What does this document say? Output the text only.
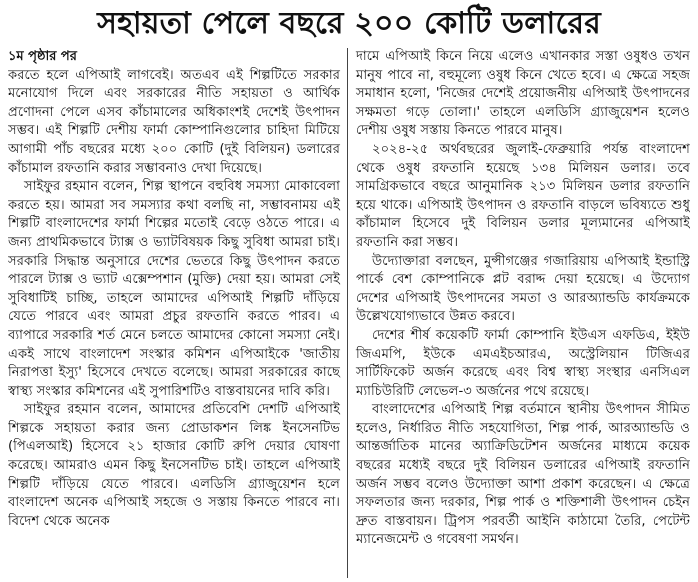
সহায়তা পেলে বছরে ২০০ কোটি ডলারের

১ম পৃষ্ঠার পর

করতে হলে এপিআই লাগবেই। অতএব এই শিল্পটিতে সরকার মনোযোগ দিলে এবং সরকারের নীতি সহায়তা ও আর্থিক প্রণোদনা পেলে এসব কাঁচামালের অধিকাংশই দেশেই উৎপাদন সম্ভব। এই শিল্পটি দেশীয় ফার্মা কোম্পানিগুলোর চাহিদা মিটিয়ে আগামী পাঁচ বছরের মধ্যে ২০০ কোটি (দুই বিলিয়ন) ডলারের কাঁচামাল রফতানি করার সম্ভাবনাও দেখা দিয়েছে।

সাইফুর রহমান বলেন, শিল্প স্থাপনে বহুবিধ সমস্যা মোকাবেলা করতে হয়। আমরা সব সমস্যার কথা বলছি না, সম্ভাবনাময় এই শিল্পটি বাংলাদেশের ফার্মা শিল্পের মতোই বেড়ে ওঠতে পারে। এ জন্য প্রাথমিকভাবে ট্যাক্স ও ভ্যাটবিষয়ক কিছু সুবিধা আমরা চাই। সরকারি সিদ্ধান্ত অনুসারে দেশের ভেতরে কিছু উৎপাদন করতে পারলে ট্যাক্স ও ভ্যাট এক্সেম্পশান (মুক্তি) দেয়া হয়। আমরা সেই সুবিধাটিই চাচ্ছি, তাহলে আমাদের এপিআই শিল্পটি দাঁড়িয়ে যেতে পারবে এবং আমরা প্রচুর রফতানি করতে পারব। এ ব্যাপারে সরকারি শর্ত মেনে চলতে আমাদের কোনো সমস্যা নেই। একই সাথে বাংলাদেশ সংস্কার কমিশন এপিআইকে 'জাতীয় নিরাপত্তা ইস্যু' হিসেবে দেখতে বলেছে। আমরা সরকারের কাছে স্বাস্থ্য সংস্কার কমিশনের এই সুপারিশটিও বাস্তবায়নের দাবি করি।

সাইফুর রহমান বলেন, আমাদের প্রতিবেশি দেশটি এপিআই শিল্পকে সহায়তা করার জন্য প্রোডাকশন লিঙ্ক ইনসেনটিভ (পিএলআই) হিসেবে ২১ হাজার কোটি রুপি দেয়ার ঘোষণা করেছে। আমরাও এমন কিছু ইনসেনটিভ চাই। তাহলে এপিআই শিল্পটি দাঁড়িয়ে যেতে পারবে। এলডিসি গ্র্যাজুয়েশন হলে বাংলাদেশ অনেক এপিআই সহজে ও সস্তায় কিনতে পারবে না। বিদেশ থেকে অনেক

দামে এপিআই কিনে নিয়ে এলেও এখানকার সস্তা ওষুধও তখন মানুষ পাবে না, বহুমূল্যে ওষুধ কিনে খেতে হবে। এ ক্ষেত্রে সহজ সমাধান হলো, 'নিজের দেশেই প্রয়োজনীয় এপিআই উৎপাদনের সক্ষমতা গড়ে তোলা।' তাহলে এলডিসি গ্র্যাজুয়েশন হলেও দেশীয় ওষুধ সস্তায় কিনতে পারবে মানুষ।

২০২৪-২৫ অর্থবছরের জুলাই-ফেব্রুয়ারি পর্যন্ত বাংলাদেশ থেকে ওষুধ রফতানি হয়েছে ১৩৪ মিলিয়ন ডলার। তবে সামগ্রিকভাবে বছরে আনুমানিক ২১৩ মিলিয়ন ডলার রফতানি হয়ে থাকে। এপিআই উৎপাদন ও রফতানি বাড়লে ভবিষ্যতে শুধু কাঁচামাল হিসেবে দুই বিলিয়ন ডলার মূল্যমানের এপিআই রফতানি করা সম্ভব।

উদ্যোক্তারা বলছেন, মুন্সীগঞ্জের গজারিয়ায় এপিআই ইন্ডাস্ট্রি পার্কে বেশ কোম্পানিকে প্লট বরাদ্দ দেয়া হয়েছে। এ উদ্যোগ দেশের এপিআই উৎপাদনের সমতা ও আরঅ্যান্ডডি কার্যক্রমকে উল্লেখযোগ্যভাবে উন্নত করবে।

দেশের শীর্ষ কয়েকটি ফার্মা কোম্পানি ইউএস এফডিএ, ইইউ জিএমপি, ইউকে এমএইচআরএ, অস্ট্রেলিয়ান টিজিএর সার্টিফিকেট অর্জন করেছে এবং বিশ্ব স্বাস্থ্য সংস্থার এনসিএল ম্যাচিউরিটি লেভেল-৩ অর্জনের পথে রয়েছে।

বাংলাদেশের এপিআই শিল্প বর্তমানে স্থানীয় উৎপাদন সীমিত হলেও, নির্ধারিত নীতি সহযোগিতা, শিল্প পার্ক, আরঅ্যান্ডডি ও আন্তর্জাতিক মানের অ্যাক্রিডিটেশন অর্জনের মাধ্যমে কয়েক বছরের মধ্যেই বছরে দুই বিলিয়ন ডলারের এপিআই রফতানি অর্জন সম্ভব বলেও উদ্যোক্তা আশা প্রকাশ করেছেন। এ ক্ষেত্রে সফলতার জন্য দরকার, শিল্প পার্ক ও শক্তিশালী উৎপাদন চেইন দ্রুত বাস্তবায়ন। ট্রিপস পরবর্তী আইনি কাঠামো তৈরি, পেটেন্ট ম্যানেজমেন্ট ও গবেষণা সমর্থন।
